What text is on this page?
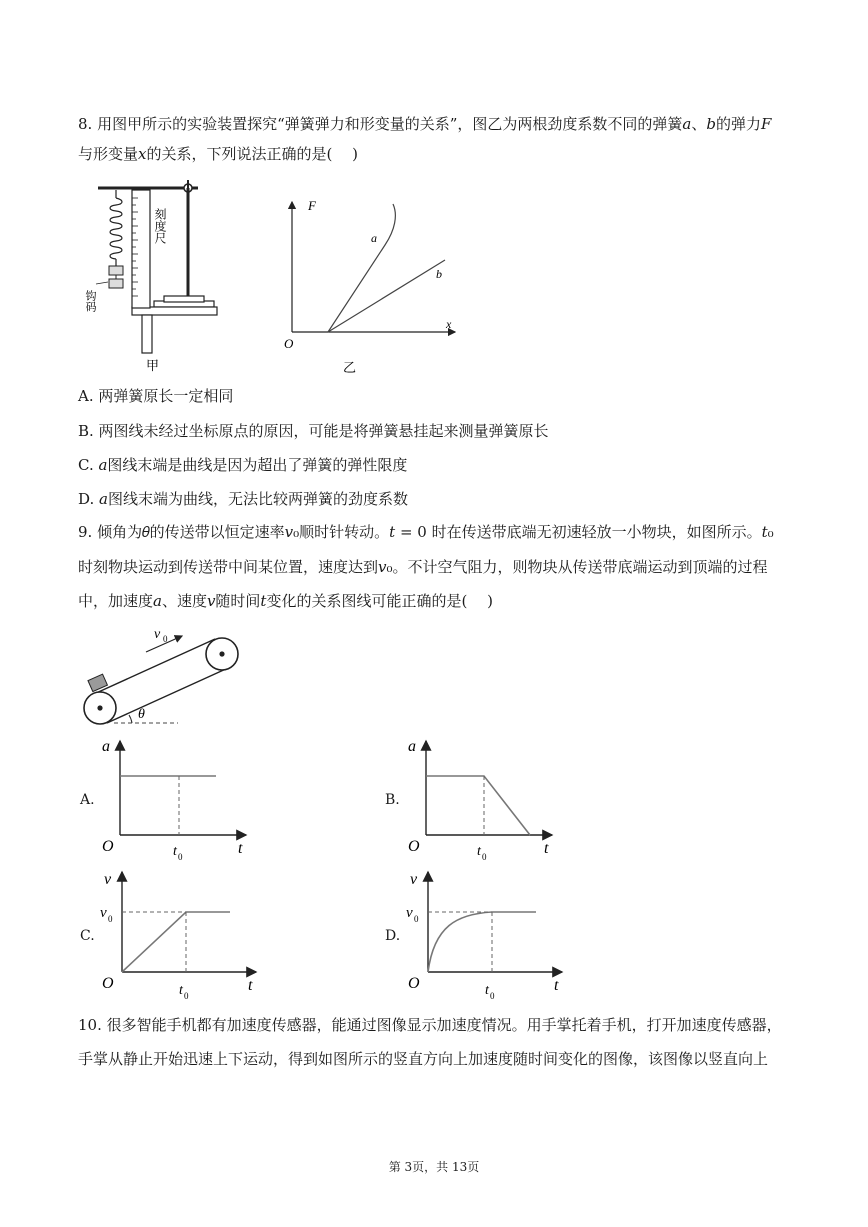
8. 用图甲所示的实验装置探究“弹簧弹力和形变量的关系”，图乙为两根劲度系数不同的弹簧𝑎、𝑏的弹力𝐹
与形变量𝑥的关系，下列说法正确的是(　 )
刻度尺
钩码
甲
F
x
O
a
b
乙
A. 两弹簧原长一定相同
B. 两图线未经过坐标原点的原因，可能是将弹簧悬挂起来测量弹簧原长
C. 𝑎图线末端是曲线是因为超出了弹簧的弹性限度
D. 𝑎图线末端为曲线，无法比较两弹簧的劲度系数
9. 倾角为𝜃的传送带以恒定速率𝑣₀顺时针转动。𝑡 = 0 时在传送带底端无初速轻放一小物块，如图所示。𝑡₀
时刻物块运动到传送带中间某位置，速度达到𝑣₀。不计空气阻力，则物块从传送带底端运动到顶端的过程
中，加速度𝑎、速度𝑣随时间𝑡变化的关系图线可能正确的是(　 )
θ
v 0
A.
a
t
O	t 0
B.
a
t
O	t 0
C.
v
t
O
v 0
t 0
D.
v
t
O
v 0
t 0
10. 很多智能手机都有加速度传感器，能通过图像显示加速度情况。用手掌托着手机，打开加速度传感器，
手掌从静止开始迅速上下运动，得到如图所示的竖直方向上加速度随时间变化的图像，该图像以竖直向上
第 3页，共 13页
